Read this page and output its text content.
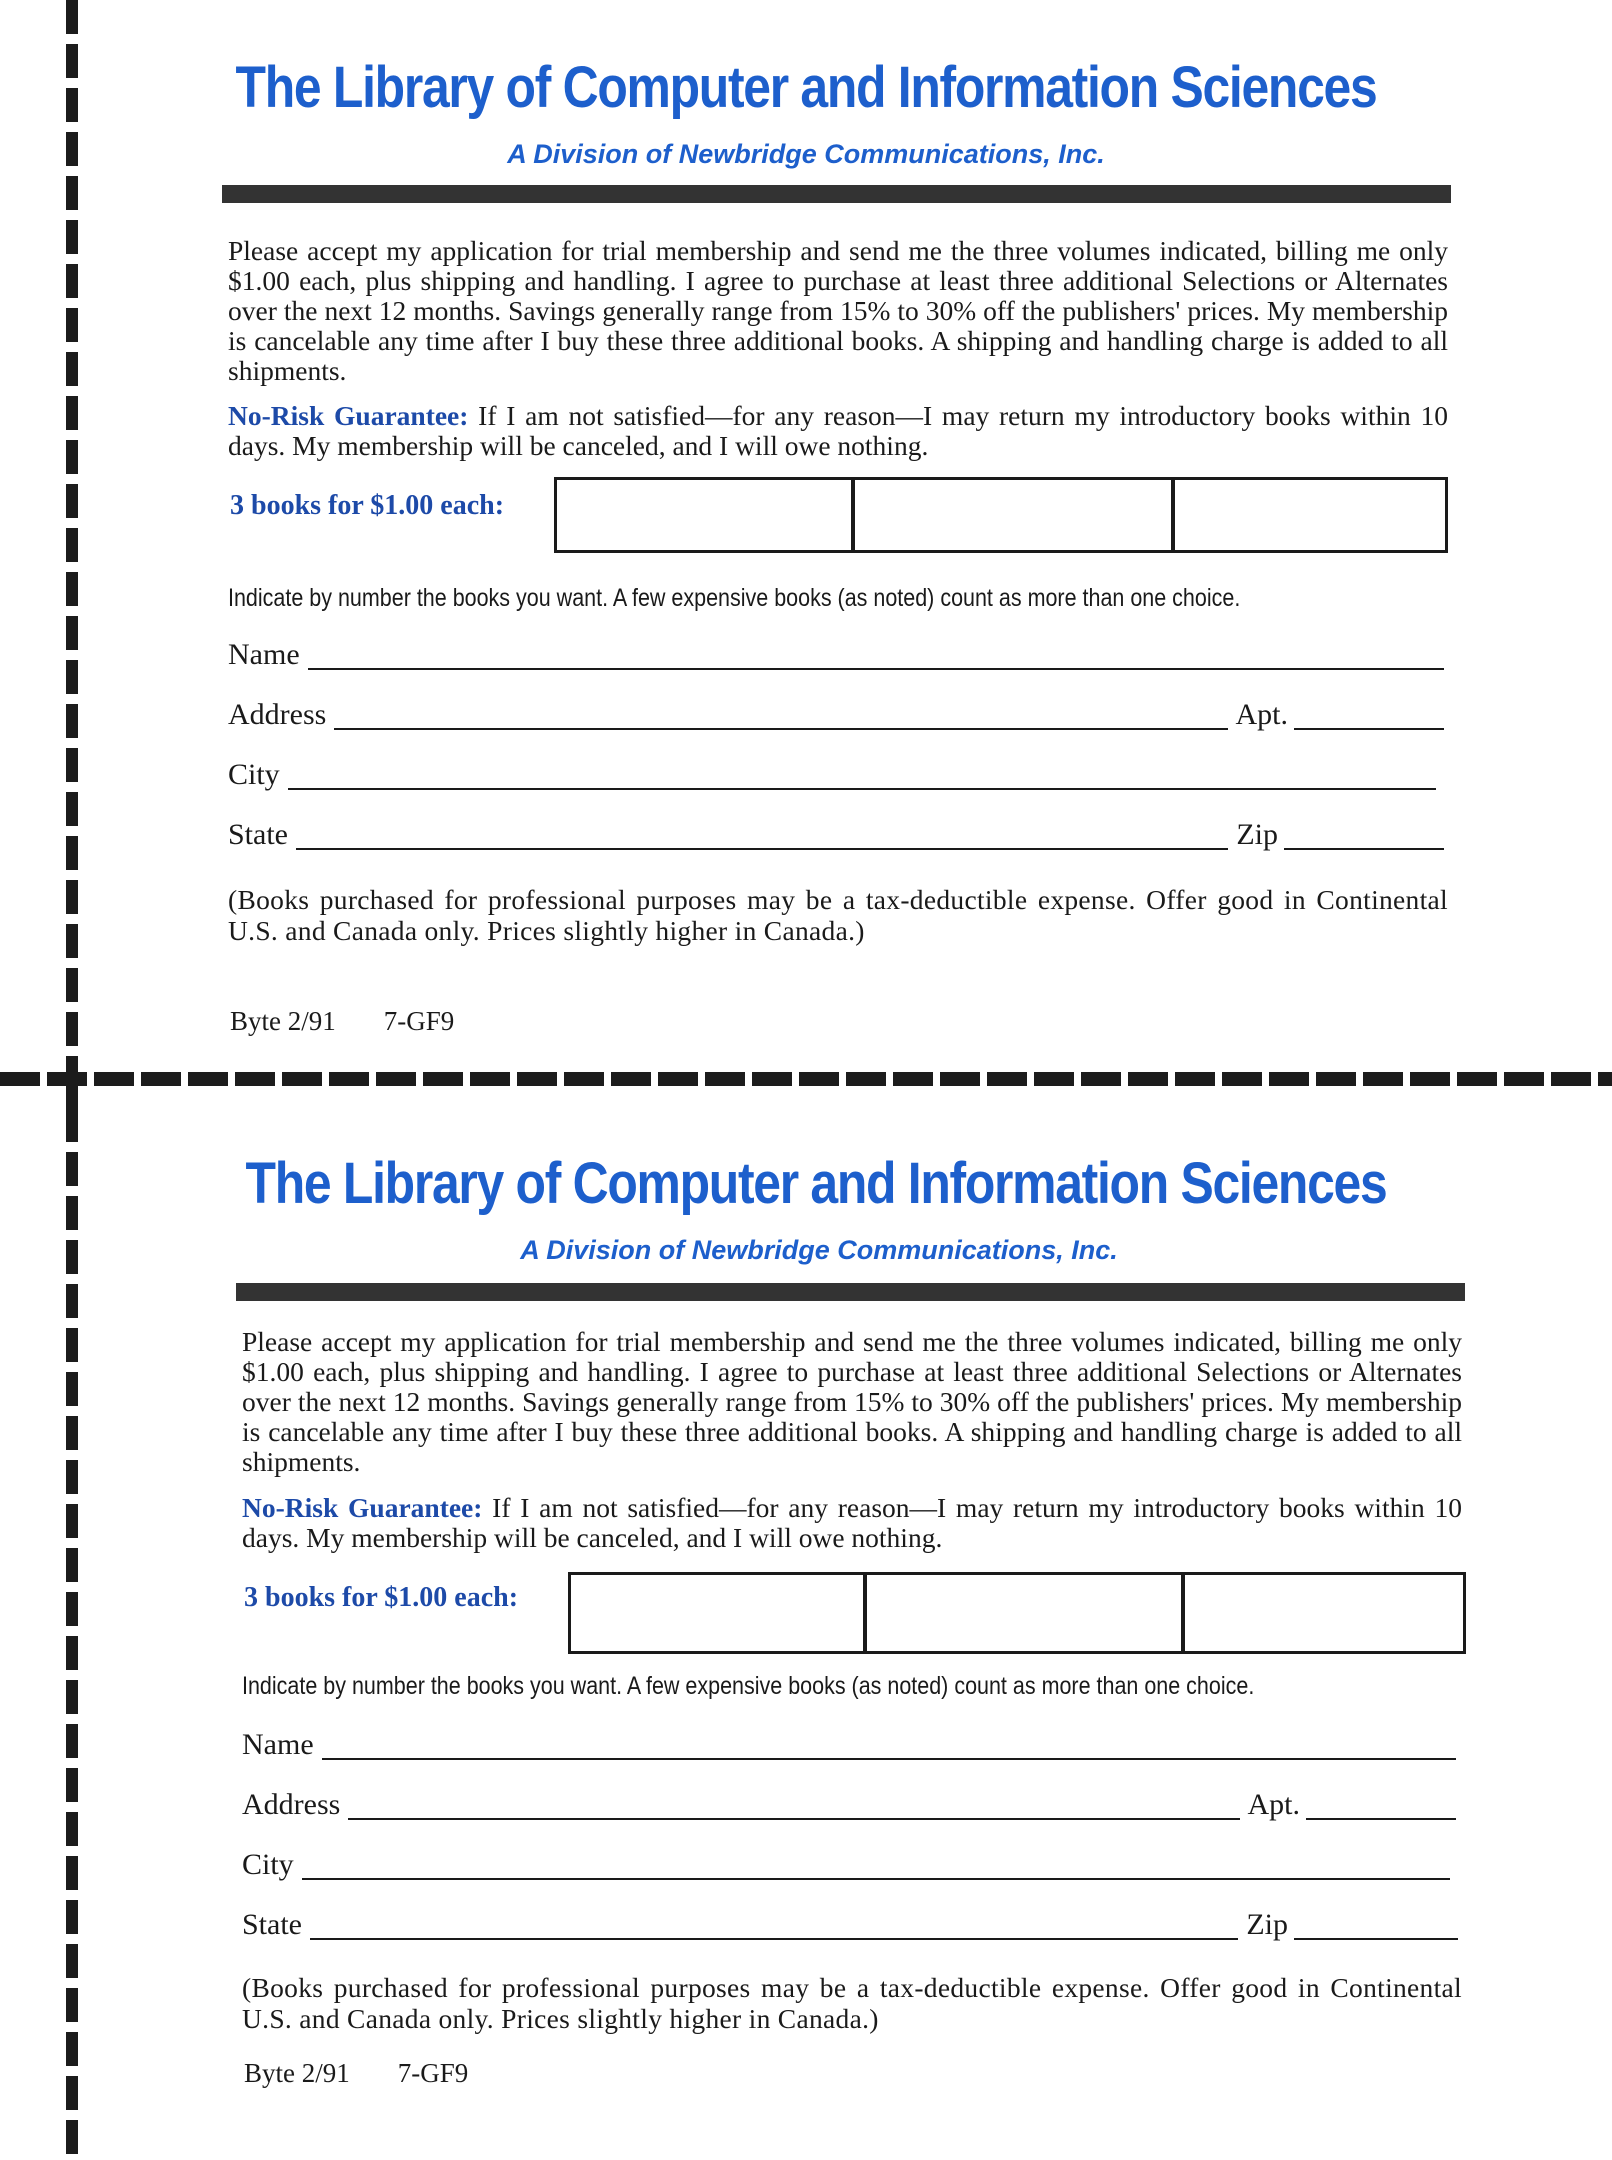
The Library of Computer and Information Sciences
A Division of Newbridge Communications, Inc.

Please accept my application for trial membership and send me the three volumes indicated, billing me only $1.00 each, plus shipping and handling. I agree to purchase at least three additional Selections or Alternates over the next 12 months. Savings generally range from 15% to 30% off the publishers' prices. My membership is cancelable any time after I buy these three additional books. A shipping and handling charge is added to all shipments.

No-Risk Guarantee: If I am not satisfied—for any reason—I may return my introductory books within 10 days. My membership will be canceled, and I will owe nothing.

3 books for $1.00 each:
Indicate by number the books you want. A few expensive books (as noted) count as more than one choice.
Name
Address	Apt.
City
State	Zip

(Books purchased for professional purposes may be a tax-deductible expense. Offer good in Continental U.S. and Canada only. Prices slightly higher in Canada.)

Byte 2/91 7-GF9
The Library of Computer and Information Sciences
A Division of Newbridge Communications, Inc.

Please accept my application for trial membership and send me the three volumes indicated, billing me only $1.00 each, plus shipping and handling. I agree to purchase at least three additional Selections or Alternates over the next 12 months. Savings generally range from 15% to 30% off the publishers' prices. My membership is cancelable any time after I buy these three additional books. A shipping and handling charge is added to all shipments.

No-Risk Guarantee: If I am not satisfied—for any reason—I may return my introductory books within 10 days. My membership will be canceled, and I will owe nothing.

3 books for $1.00 each:
Indicate by number the books you want. A few expensive books (as noted) count as more than one choice.
Name
Address	Apt.
City
State	Zip

(Books purchased for professional purposes may be a tax-deductible expense. Offer good in Continental U.S. and Canada only. Prices slightly higher in Canada.)

Byte 2/91 7-GF9
